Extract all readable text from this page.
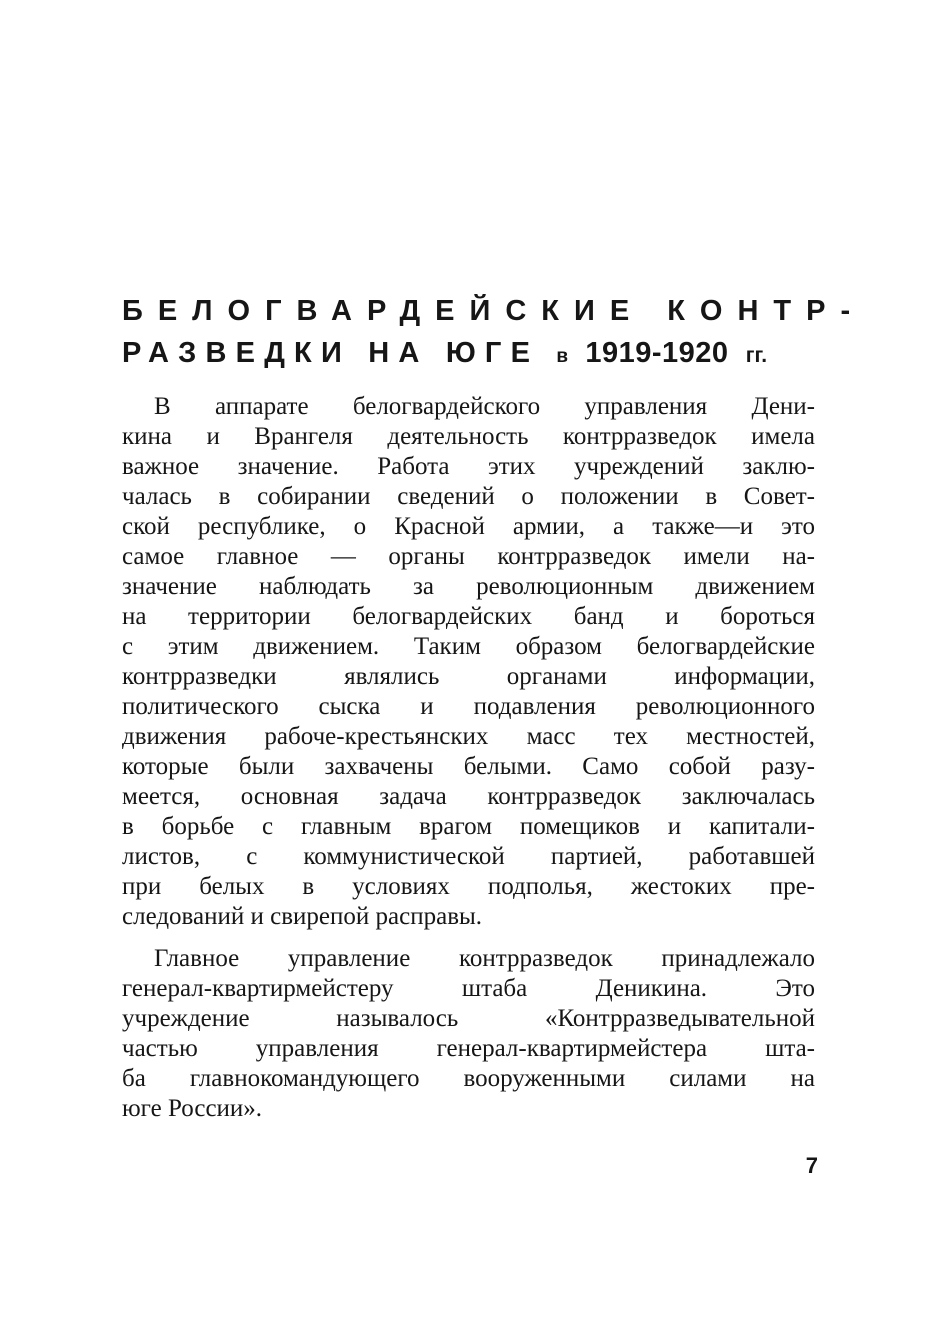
БЕЛОГВАРДЕЙСКИЕ КОНТР-
РАЗВЕДКИ НА ЮГЕ в 1919-1920 гг.
В аппарате белогвардейского управления Дени-
кина и Врангеля деятельность контрразведок имела
важное значение. Работа этих учреждений заклю-
чалась в собирании сведений о положении в Совет-
ской республике, о Красной армии, а также—и это
самое главное — органы контрразведок имели на-
значение наблюдать за революционным движением
на территории белогвардейских банд и бороться
с этим движением. Таким образом белогвардейские
контрразведки являлись органами информации,
политического сыска и подавления революционного
движения рабоче-крестьянских масс тех местностей,
которые были захвачены белыми. Само собой разу-
меется, основная задача контрразведок заключалась
в борьбе с главным врагом помещиков и капитали-
листов, с коммунистической партией, работавшей
при белых в условиях подполья, жестоких пре-
следований и свирепой расправы.
Главное управление контрразведок принадлежало
генерал-квартирмейстеру штаба Деникина. Это
учреждение называлось «Контрразведывательной
частью управления генерал-квартирмейстера шта-
ба главнокомандующего вооруженными силами на
юге России».
7
